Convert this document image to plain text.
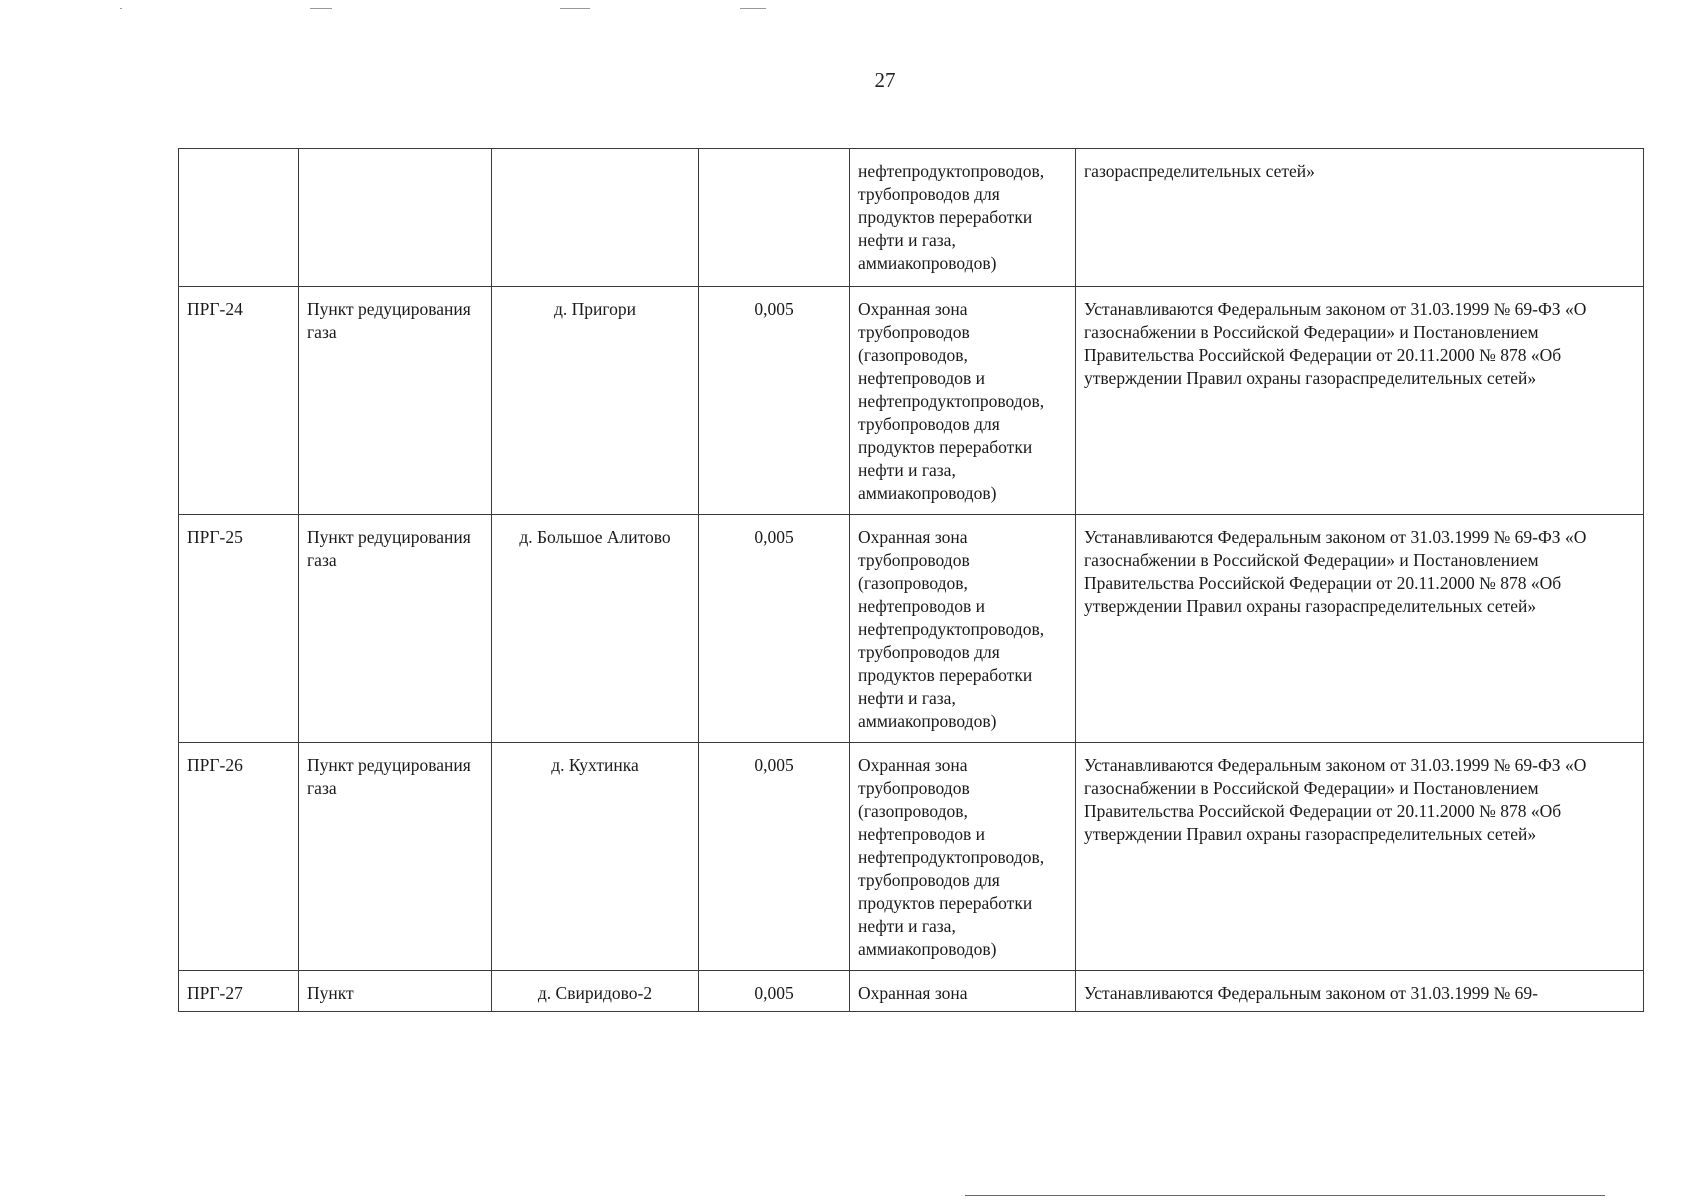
27
				нефтепродуктопроводов, трубопроводов для продуктов переработки нефти и газа, аммиакопроводов)	газораспределительных сетей»
ПРГ-24	Пункт редуцирования газа	д. Пригори	0,005	Охранная зона трубопроводов (газопроводов, нефтепроводов и нефтепродуктопроводов, трубопроводов для продуктов переработки нефти и газа, аммиакопроводов)	Устанавливаются Федеральным законом от 31.03.1999 № 69-ФЗ «О газоснабжении в Российской Федерации» и Постановлением Правительства Российской Федерации от 20.11.2000 № 878 «Об утверждении Правил охраны газораспределительных сетей»
ПРГ-25	Пункт редуцирования газа	д. Большое Алитово	0,005	Охранная зона трубопроводов (газопроводов, нефтепроводов и нефтепродуктопроводов, трубопроводов для продуктов переработки нефти и газа, аммиакопроводов)	Устанавливаются Федеральным законом от 31.03.1999 № 69-ФЗ «О газоснабжении в Российской Федерации» и Постановлением Правительства Российской Федерации от 20.11.2000 № 878 «Об утверждении Правил охраны газораспределительных сетей»
ПРГ-26	Пункт редуцирования газа	д. Кухтинка	0,005	Охранная зона трубопроводов (газопроводов, нефтепроводов и нефтепродуктопроводов, трубопроводов для продуктов переработки нефти и газа, аммиакопроводов)	Устанавливаются Федеральным законом от 31.03.1999 № 69-ФЗ «О газоснабжении в Российской Федерации» и Постановлением Правительства Российской Федерации от 20.11.2000 № 878 «Об утверждении Правил охраны газораспределительных сетей»
ПРГ-27	Пункт	д. Свиридово-2	0,005	Охранная зона	Устанавливаются Федеральным законом от 31.03.1999 № 69-
